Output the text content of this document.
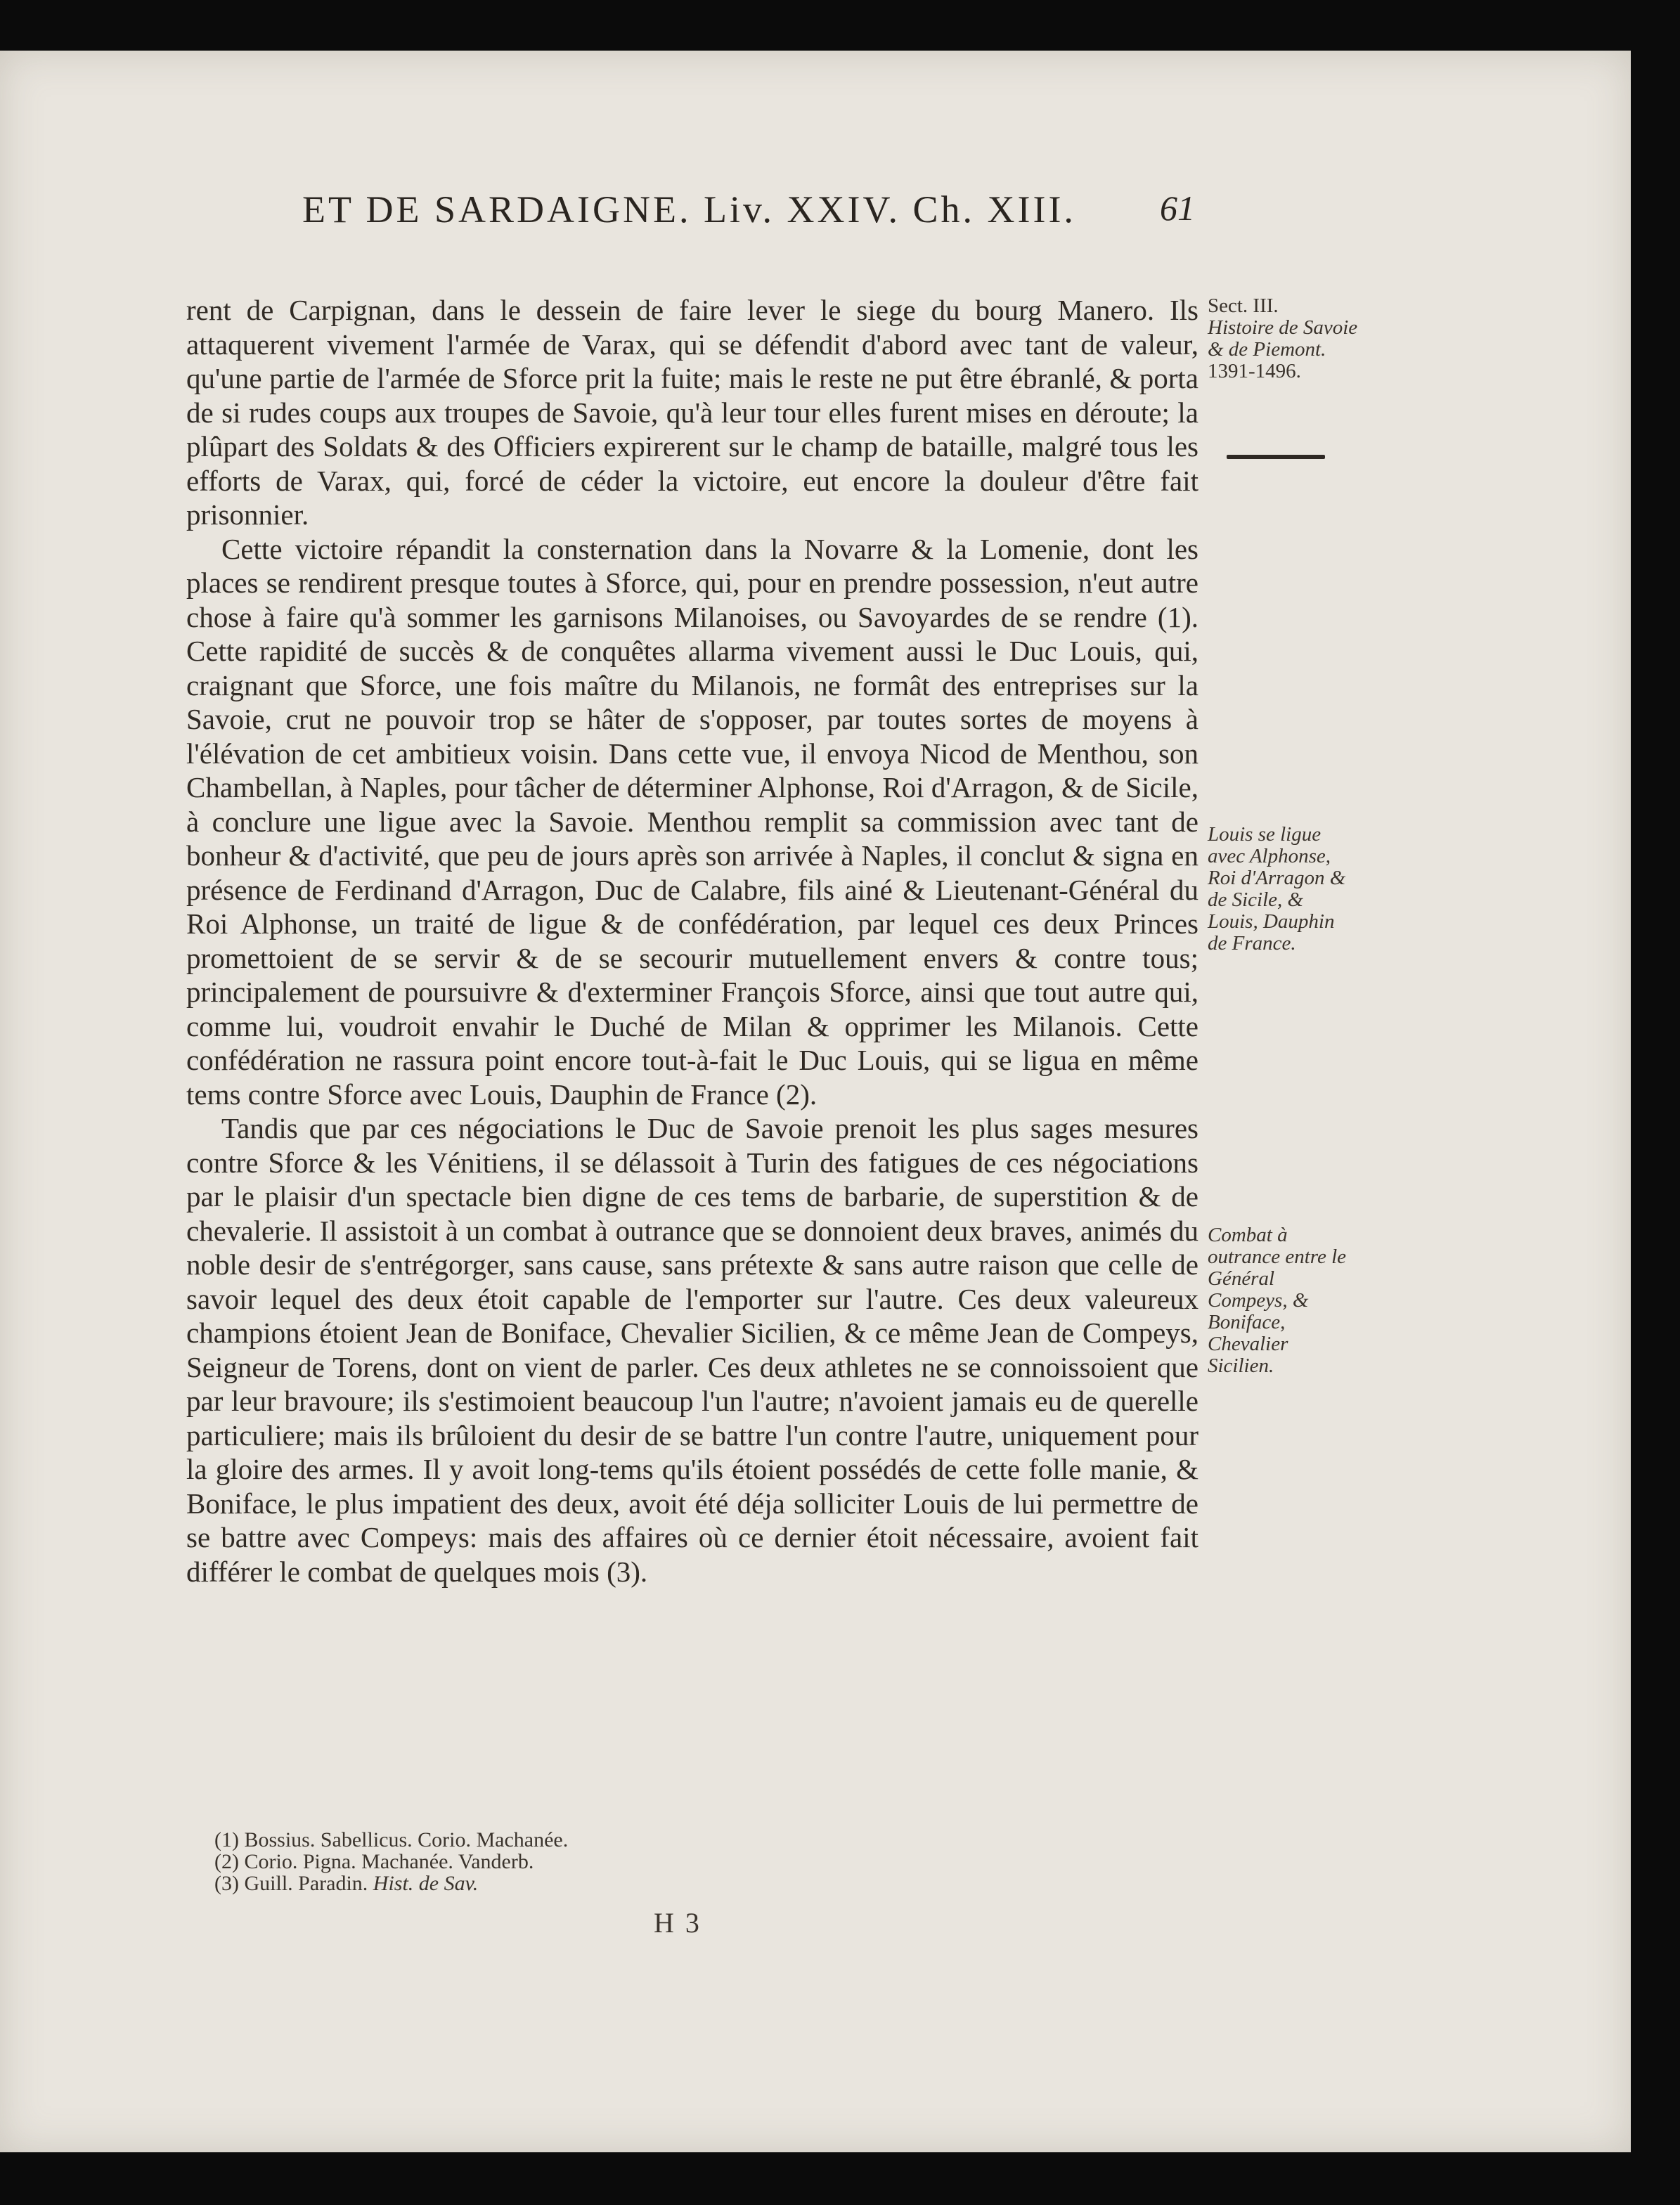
ET DE SARDAIGNE. Liv. XXIV. Ch. XIII. 61

rent de Carpignan, dans le dessein de faire lever le siege du bourg Manero. Ils attaquerent vivement l'armée de Varax, qui se défendit d'abord avec tant de valeur, qu'une partie de l'armée de Sforce prit la fuite; mais le reste ne put être ébranlé, & porta de si rudes coups aux troupes de Savoie, qu'à leur tour elles furent mises en déroute; la plûpart des Soldats & des Officiers expirerent sur le champ de bataille, malgré tous les efforts de Varax, qui, forcé de céder la victoire, eut encore la douleur d'être fait prisonnier.

Cette victoire répandit la consternation dans la Novarre & la Lomenie, dont les places se rendirent presque toutes à Sforce, qui, pour en prendre possession, n'eut autre chose à faire qu'à sommer les garnisons Milanoises, ou Savoyardes de se rendre (1). Cette rapidité de succès & de conquêtes allarma vivement aussi le Duc Louis, qui, craignant que Sforce, une fois maître du Milanois, ne formât des entreprises sur la Savoie, crut ne pouvoir trop se hâter de s'opposer, par toutes sortes de moyens à l'élévation de cet ambitieux voisin. Dans cette vue, il envoya Nicod de Menthou, son Chambellan, à Naples, pour tâcher de déterminer Alphonse, Roi d'Arragon, & de Sicile, à conclure une ligue avec la Savoie. Menthou remplit sa commission avec tant de bonheur & d'activité, que peu de jours après son arrivée à Naples, il conclut & signa en présence de Ferdinand d'Arragon, Duc de Calabre, fils ainé & Lieutenant-Général du Roi Alphonse, un traité de ligue & de confédération, par lequel ces deux Princes promettoient de se servir & de se secourir mutuellement envers & contre tous; principalement de poursuivre & d'exterminer François Sforce, ainsi que tout autre qui, comme lui, voudroit envahir le Duché de Milan & opprimer les Milanois. Cette confédération ne rassura point encore tout-à-fait le Duc Louis, qui se ligua en même tems contre Sforce avec Louis, Dauphin de France (2).

Tandis que par ces négociations le Duc de Savoie prenoit les plus sages mesures contre Sforce & les Vénitiens, il se délassoit à Turin des fatigues de ces négociations par le plaisir d'un spectacle bien digne de ces tems de barbarie, de superstition & de chevalerie. Il assistoit à un combat à outrance que se donnoient deux braves, animés du noble desir de s'entrégorger, sans cause, sans prétexte & sans autre raison que celle de savoir lequel des deux étoit capable de l'emporter sur l'autre. Ces deux valeureux champions étoient Jean de Boniface, Chevalier Sicilien, & ce même Jean de Compeys, Seigneur de Torens, dont on vient de parler. Ces deux athletes ne se connoissoient que par leur bravoure; ils s'estimoient beaucoup l'un l'autre; n'avoient jamais eu de querelle particuliere; mais ils brûloient du desir de se battre l'un contre l'autre, uniquement pour la gloire des armes. Il y avoit long-tems qu'ils étoient possédés de cette folle manie, & Boniface, le plus impatient des deux, avoit été déja solliciter Louis de lui permettre de se battre avec Compeys: mais des affaires où ce dernier étoit nécessaire, avoient fait différer le combat de quelques mois (3).

Sect. III.
Histoire de Savoie & de Piemont.
1391-1496.
Louis se ligue avec Alphonse, Roi d'Arragon & de Sicile, & Louis, Dauphin de France.
Combat à outrance entre le Général Compeys, & Boniface, Chevalier Sicilien.
(1) Bossius. Sabellicus. Corio. Machanée.
(2) Corio. Pigna. Machanée. Vanderb.
(3) Guill. Paradin. Hist. de Sav.
H 3
